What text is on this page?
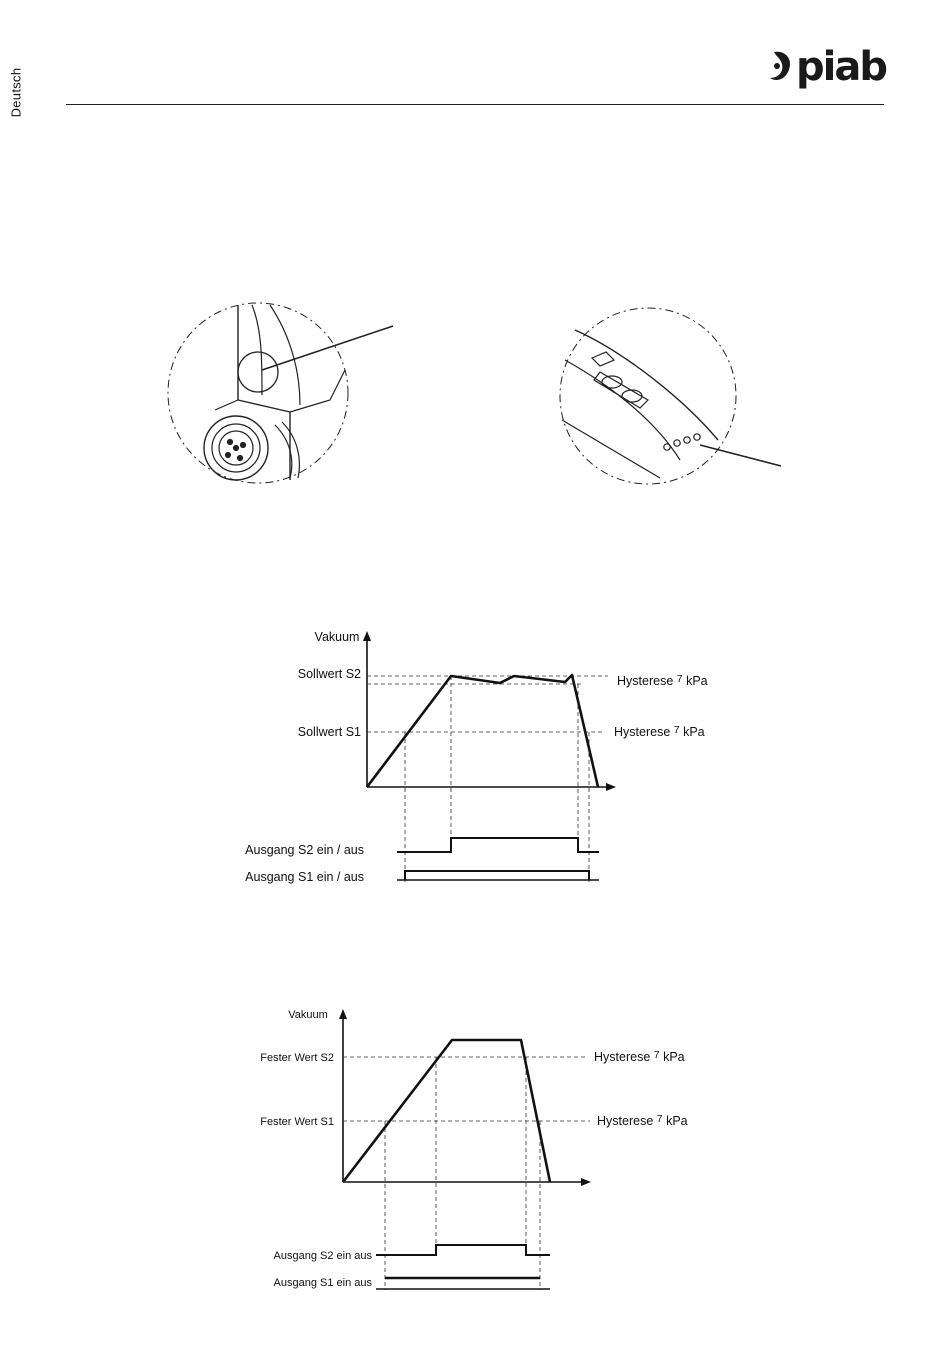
Deutsch
piab
Vakuum
Sollwert S2
Sollwert S1
Hysterese $^7$ kPa
Hysterese $^7$ kPa
Ausgang S2 ein / aus
Ausgang S1 ein / aus
Vakuum
Fester Wert S2
Fester Wert S1
Hysterese $^7$ kPa
Hysterese $^7$ kPa
Ausgang S2 ein aus
Ausgang S1 ein aus
